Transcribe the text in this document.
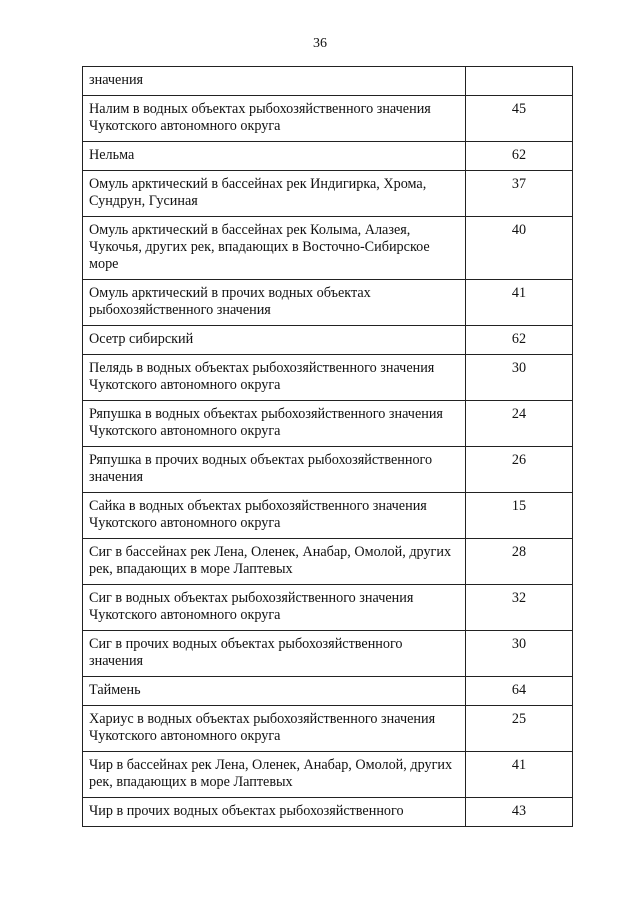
36
значения	
Налим в водных объектах рыбохозяйственного значения Чукотского автономного округа	45
Нельма	62
Омуль арктический в бассейнах рек Индигирка, Хрома, Сундрун, Гусиная	37
Омуль арктический в бассейнах рек Колыма, Алазея, Чукочья, других рек, впадающих в Восточно-Сибирское море	40
Омуль арктический в прочих водных объектах рыбохозяйственного значения	41
Осетр сибирский	62
Пелядь в водных объектах рыбохозяйственного значения Чукотского автономного округа	30
Ряпушка в водных объектах рыбохозяйственного значения Чукотского автономного округа	24
Ряпушка в прочих водных объектах рыбохозяйственного значения	26
Сайка в водных объектах рыбохозяйственного значения Чукотского автономного округа	15
Сиг в бассейнах рек Лена, Оленек, Анабар, Омолой, других рек, впадающих в море Лаптевых	28
Сиг в водных объектах рыбохозяйственного значения Чукотского автономного округа	32
Сиг в прочих водных объектах рыбохозяйственного значения	30
Таймень	64
Хариус в водных объектах рыбохозяйственного значения Чукотского автономного округа	25
Чир в бассейнах рек Лена, Оленек, Анабар, Омолой, других рек, впадающих в море Лаптевых	41
Чир в прочих водных объектах рыбохозяйственного	43
